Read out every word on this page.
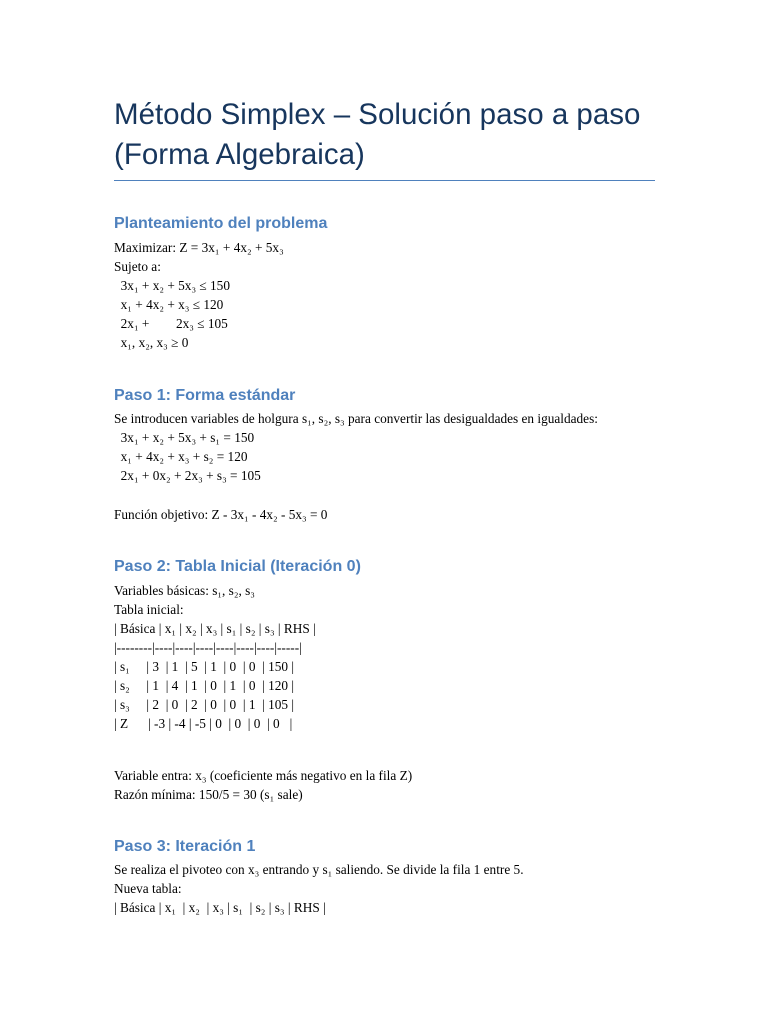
Método Simplex – Solución paso a paso (Forma Algebraica)
Planteamiento del problema
Maximizar: Z = 3x₁ + 4x₂ + 5x₃
Sujeto a:
3x₁ + x₂ + 5x₃ ≤ 150
x₁ + 4x₂ + x₃ ≤ 120
2x₁ +        2x₃ ≤ 105
x₁, x₂, x₃ ≥ 0
Paso 1: Forma estándar
Se introducen variables de holgura s₁, s₂, s₃ para convertir las desigualdades en igualdades:
3x₁ + x₂ + 5x₃ + s₁ = 150
x₁ + 4x₂ + x₃ + s₂ = 120
2x₁ + 0x₂ + 2x₃ + s₃ = 105
Función objetivo: Z - 3x₁ - 4x₂ - 5x₃ = 0
Paso 2: Tabla Inicial (Iteración 0)
Variables básicas: s₁, s₂, s₃
Tabla inicial:
| Básica | x₁ | x₂ | x₃ | s₁ | s₂ | s₃ | RHS |
|--------|----|----|----|----|----|----|-----|
| s₁     | 3  | 1  | 5  | 1  | 0  | 0  | 150 |
| s₂     | 1  | 4  | 1  | 0  | 1  | 0  | 120 |
| s₃     | 2  | 0  | 2  | 0  | 0  | 1  | 105 |
| Z      | -3 | -4 | -5 | 0  | 0  | 0  | 0   |
Variable entra: x₃ (coeficiente más negativo en la fila Z)
Razón mínima: 150/5 = 30 (s₁ sale)
Paso 3: Iteración 1
Se realiza el pivoteo con x₃ entrando y s₁ saliendo. Se divide la fila 1 entre 5.
Nueva tabla:
| Básica | x₁  | x₂  | x₃ | s₁  | s₂ | s₃ | RHS |
